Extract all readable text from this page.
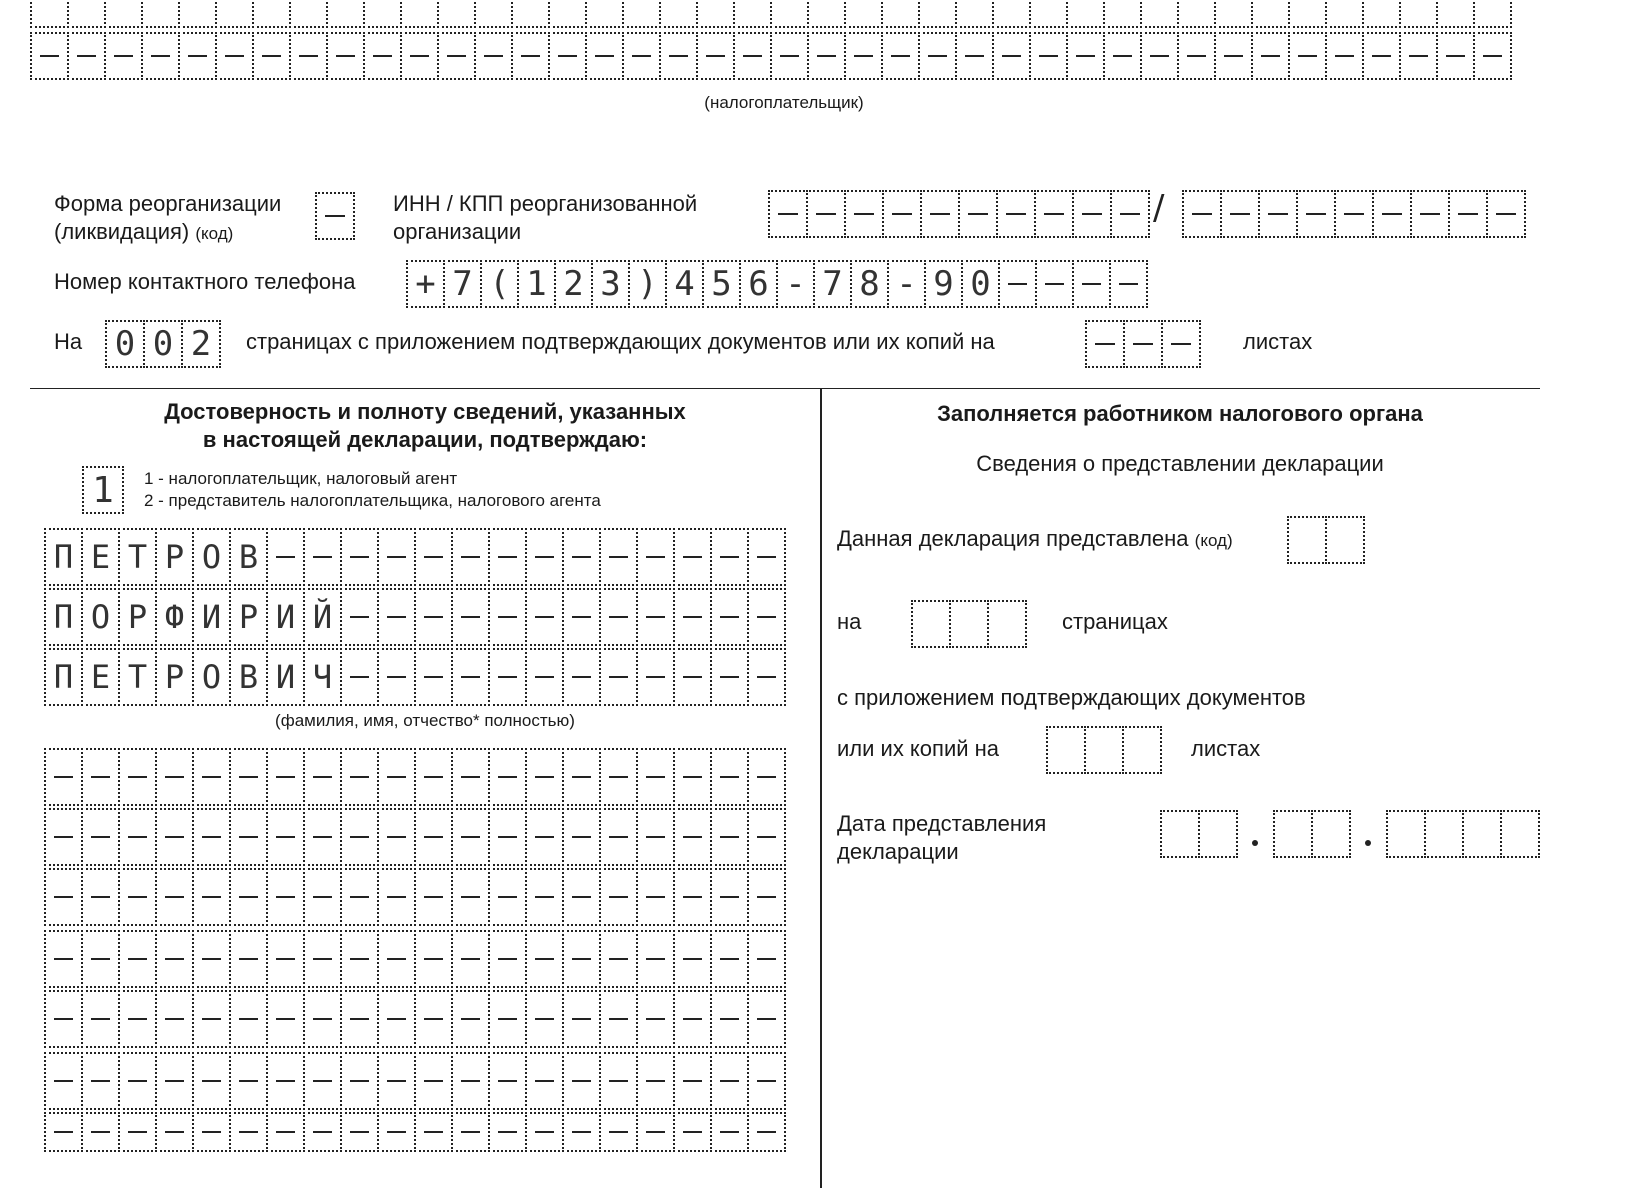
(налогоплательщик)
Форма реорганизации
(ликвидация) (код)
ИНН / КПП реорганизованной
организации
/
Номер контактного телефона + 7 ( 1 2 3 ) 4 5 6 - 7 8 - 9 0
На 0 0 2	страницах с приложением подтверждающих документов или их копий на	листах
Достоверность и полноту сведений, указанных
в настоящей декларации, подтверждаю:
1	1 - налогоплательщик, налоговый агент
2 - представитель налогоплательщика, налогового агента
П Е Т Р О В
П О Р Ф И Р И Й
П Е Т Р О В И Ч
(фамилия, имя, отчество* полностью)
Заполняется работником налогового органа
Сведения о представлении декларации
Данная декларация представлена (код)
на	страницах
с приложением подтверждающих документов
или их копий на	листах
Дата представления
декларации
